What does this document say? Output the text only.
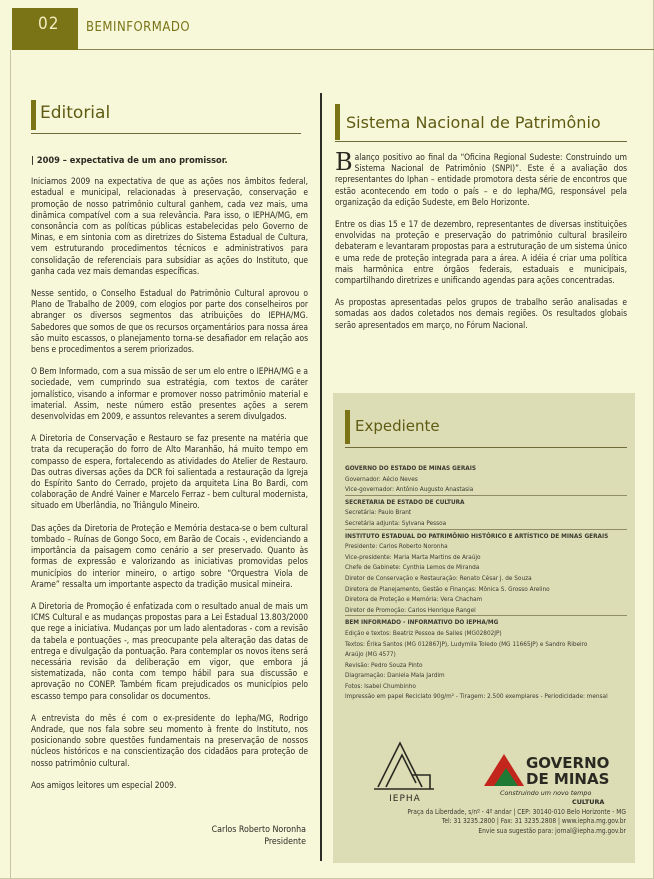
02 BEMINFORMADO
Editorial

| 2009 – expectativa de um ano promissor.

Iniciamos 2009 na expectativa de que as ações nos âmbitos federal, estadual e municipal, relacionadas à preservação, conservação e promoção de nosso patrimônio cultural ganhem, cada vez mais, uma dinâmica compatível com a sua relevância. Para isso, o IEPHA/MG, em consonância com as políticas públicas estabelecidas pelo Governo de Minas, e em sintonia com as diretrizes do Sistema Estadual de Cultura, vem estruturando procedimentos técnicos e administrativos para consolidação de referenciais para subsidiar as ações do Instituto, que ganha cada vez mais demandas específicas.

Nesse sentido, o Conselho Estadual do Patrimônio Cultural aprovou o Plano de Trabalho de 2009, com elogios por parte dos conselheiros por abranger os diversos segmentos das atribuições do IEPHA/MG. Sabedores que somos de que os recursos orçamentários para nossa área são muito escassos, o planejamento torna-se desafiador em relação aos bens e procedimentos a serem priorizados.

O Bem Informado, com a sua missão de ser um elo entre o IEPHA/MG e a sociedade, vem cumprindo sua estratégia, com textos de caráter jornalístico, visando a informar e promover nosso patrimônio material e imaterial. Assim, neste número estão presentes ações a serem desenvolvidas em 2009, e assuntos relevantes a serem divulgados.

A Diretoria de Conservação e Restauro se faz presente na matéria que trata da recuperação do forro de Alto Maranhão, há muito tempo em compasso de espera, fortalecendo as atividades do Atelier de Restauro. Das outras diversas ações da DCR foi salientada a restauração da Igreja do Espírito Santo do Cerrado, projeto da arquiteta Lina Bo Bardi, com colaboração de André Vainer e Marcelo Ferraz - bem cultural modernista, situado em Uberlândia, no Triângulo Mineiro.

Das ações da Diretoria de Proteção e Memória destaca-se o bem cultural tombado – Ruínas de Gongo Soco, em Barão de Cocais -, evidenciando a importância da paisagem como cenário a ser preservado. Quanto às formas de expressão e valorizando as iniciativas promovidas pelos municípios do interior mineiro, o artigo sobre “Orquestra Viola de Arame” ressalta um importante aspecto da tradição musical mineira.

A Diretoria de Promoção é enfatizada com o resultado anual de mais um ICMS Cultural e as mudanças propostas para a Lei Estadual 13.803/2000 que rege a iniciativa. Mudanças por um lado alentadoras - com a revisão da tabela e pontuações -, mas preocupante pela alteração das datas de entrega e divulgação da pontuação. Para contemplar os novos itens será necessária revisão da deliberação em vigor, que embora já sistematizada, não conta com tempo hábil para sua discussão e aprovação no CONEP. Também ficam prejudicados os municípios pelo escasso tempo para consolidar os documentos.

A entrevista do mês é com o ex-presidente do Iepha/MG, Rodrigo Andrade, que nos fala sobre seu momento à frente do Instituto, nos posicionando sobre questões fundamentais na preservação de nossos núcleos históricos e na conscientização dos cidadãos para proteção de nosso patrimônio cultural.

Aos amigos leitores um especial 2009.

Carlos Roberto Noronha
Presidente
Sistema Nacional de Patrimônio

Balanço positivo ao final da “Oficina Regional Sudeste: Construindo um Sistema Nacional de Patrimônio (SNPI)”. Este é a avaliação dos representantes do Iphan – entidade promotora desta série de encontros que estão acontecendo em todo o país – e do Iepha/MG, responsável pela organização da edição Sudeste, em Belo Horizonte.

Entre os dias 15 e 17 de dezembro, representantes de diversas instituições envolvidas na proteção e preservação do patrimônio cultural brasileiro debateram e levantaram propostas para a estruturação de um sistema único e uma rede de proteção integrada para a área. A idéia é criar uma política mais harmônica entre órgãos federais, estaduais e municipais, compartilhando diretrizes e unificando agendas para ações concentradas.

As propostas apresentadas pelos grupos de trabalho serão analisadas e somadas aos dados coletados nos demais regiões. Os resultados globais serão apresentados em março, no Fórum Nacional.

Expediente
GOVERNO DO ESTADO DE MINAS GERAIS
Governador: Aécio Neves
Vice-governador: Antônio Augusto Anastasia
SECRETARIA DE ESTADO DE CULTURA
Secretária: Paulo Brant
Secretária adjunta: Sylvana Pessoa
INSTITUTO ESTADUAL DO PATRIMÔNIO HISTÓRICO E ARTÍSTICO DE MINAS GERAIS
Presidente: Carlos Roberto Noronha
Vice-presidente: Maria Marta Martins de Araújo
Chefe de Gabinete: Cynthia Lemos de Miranda
Diretor de Conservação e Restauração: Renato César J. de Souza
Diretora de Planejamento, Gestão e Finanças: Mônica S. Grosso Arelino
Diretora de Proteção e Memória: Vera Chacham
Diretor de Promoção: Carlos Henrique Rangel
BEM INFORMADO - INFORMATIVO DO IEPHA/MG
Edição e textos: Beatriz Pessoa de Salles (MG02802JP)
Textos: Érika Santos (MG 012867JP), Ludymila Toledo (MG 11665JP) e Sandro Ribeiro
Araújo (MG 4577)
Revisão: Pedro Souza Pinto
Diagramação: Daniela Mala Jardim
Fotos: Isabel Chumbinho
Impressão em papel Reciclato 90g/m² - Tiragem: 2.500 exemplares - Periodicidade: mensal
IEPHA
GOVERNO
DE MINAS
Construindo um novo tempo
CULTURA
Praça da Liberdade, s/nº - 4º andar | CEP: 30140-010 Belo Horizonte - MG
Tel: 31 3235.2800 | Fax: 31 3235.2808 | www.iepha.mg.gov.br
Envie sua sugestão para: jornal@iepha.mg.gov.br
